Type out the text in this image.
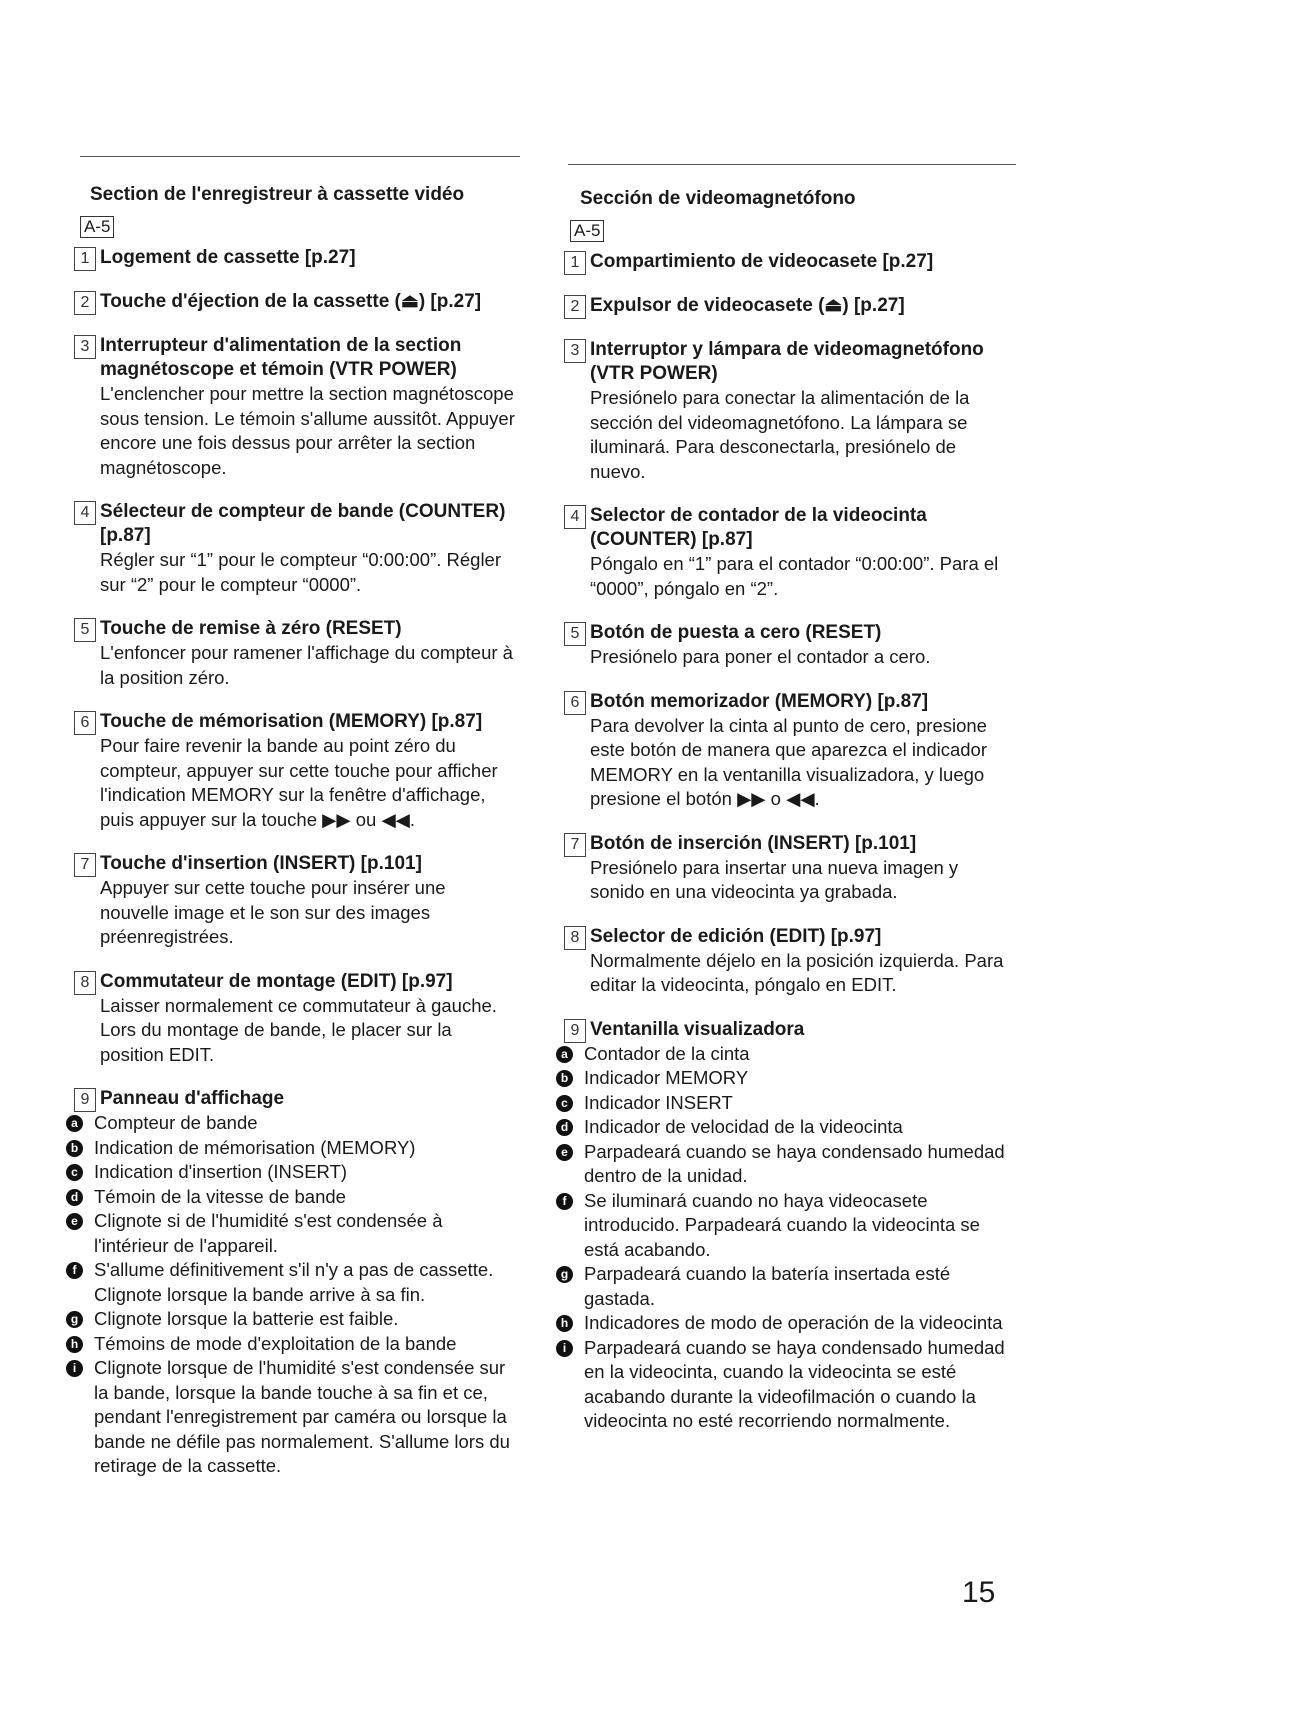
Section de l'enregistreur à cassette vidéo
A-5
1 Logement de cassette [p.27]
2 Touche d'éjection de la cassette (⏏) [p.27]
3 Interrupteur d'alimentation de la section magnétoscope et témoin (VTR POWER)
L'enclencher pour mettre la section magnétoscope sous tension. Le témoin s'allume aussitôt. Appuyer encore une fois dessus pour arrêter la section magnétoscope.
4 Sélecteur de compteur de bande (COUNTER) [p.87]
Régler sur “1” pour le compteur “0:00:00”. Régler sur “2” pour le compteur “0000”.
5 Touche de remise à zéro (RESET)
L'enfoncer pour ramener l'affichage du compteur à la position zéro.
6 Touche de mémorisation (MEMORY) [p.87]
Pour faire revenir la bande au point zéro du compteur, appuyer sur cette touche pour afficher l'indication MEMORY sur la fenêtre d'affichage, puis appuyer sur la touche ▶▶ ou ◀◀.
7 Touche d'insertion (INSERT) [p.101]
Appuyer sur cette touche pour insérer une nouvelle image et le son sur des images préenregistrées.
8 Commutateur de montage (EDIT) [p.97]
Laisser normalement ce commutateur à gauche. Lors du montage de bande, le placer sur la position EDIT.
9 Panneau d'affichage
a Compteur de bande
b Indication de mémorisation (MEMORY)
c Indication d'insertion (INSERT)
d Témoin de la vitesse de bande
e Clignote si de l'humidité s'est condensée à l'intérieur de l'appareil.
f S'allume définitivement s'il n'y a pas de cassette. Clignote lorsque la bande arrive à sa fin.
g Clignote lorsque la batterie est faible.
h Témoins de mode d'exploitation de la bande
i Clignote lorsque de l'humidité s'est condensée sur la bande, lorsque la bande touche à sa fin et ce, pendant l'enregistrement par caméra ou lorsque la bande ne défile pas normalement. S'allume lors du retirage de la cassette.
Sección de videomagnetófono
A-5
1 Compartimiento de videocasete [p.27]
2 Expulsor de videocasete (⏏) [p.27]
3 Interruptor y lámpara de videomagnetófono (VTR POWER)
Presiónelo para conectar la alimentación de la sección del videomagnetófono. La lámpara se iluminará. Para desconectarla, presiónelo de nuevo.
4 Selector de contador de la videocinta (COUNTER) [p.87]
Póngalo en “1” para el contador “0:00:00”. Para el “0000”, póngalo en “2”.
5 Botón de puesta a cero (RESET)
Presiónelo para poner el contador a cero.
6 Botón memorizador (MEMORY) [p.87]
Para devolver la cinta al punto de cero, presione este botón de manera que aparezca el indicador MEMORY en la ventanilla visualizadora, y luego presione el botón ▶▶ o ◀◀.
7 Botón de inserción (INSERT) [p.101]
Presiónelo para insertar una nueva imagen y sonido en una videocinta ya grabada.
8 Selector de edición (EDIT) [p.97]
Normalmente déjelo en la posición izquierda. Para editar la videocinta, póngalo en EDIT.
9 Ventanilla visualizadora
a Contador de la cinta
b Indicador MEMORY
c Indicador INSERT
d Indicador de velocidad de la videocinta
e Parpadeará cuando se haya condensado humedad dentro de la unidad.
f Se iluminará cuando no haya videocasete introducido. Parpadeará cuando la videocinta se está acabando.
g Parpadeará cuando la batería insertada esté gastada.
h Indicadores de modo de operación de la videocinta
i Parpadeará cuando se haya condensado humedad en la videocinta, cuando la videocinta se esté acabando durante la videofilmación o cuando la videocinta no esté recorriendo normalmente.
15
